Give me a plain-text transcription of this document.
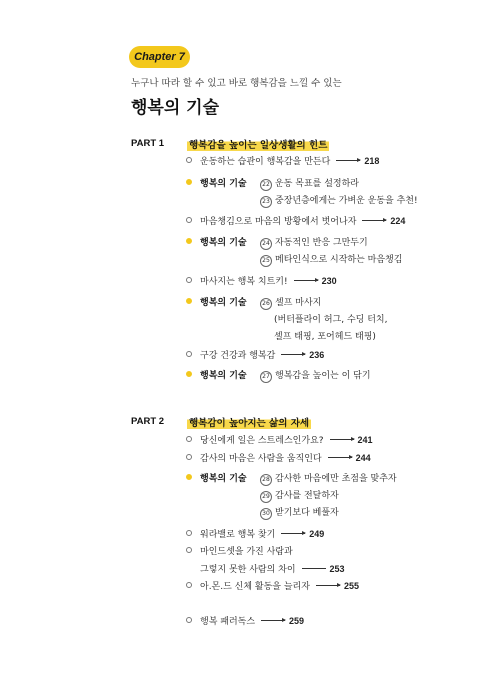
Chapter 7
누구나 따라 할 수 있고 바로 행복감을 느낄 수 있는
행복의 기술
PART 1	행복감을 높이는 일상생활의 힌트
운동하는 습관이 행복감을 만든다	218
행복의 기술	22 운동 목표를 설정하라
23 중장년층에게는 가벼운 운동을 추천!
마음챙김으로 마음의 방황에서 벗어나자	224
행복의 기술	24 자동적인 반응 그만두기
25 메타인식으로 시작하는 마음챙김
마사지는 행복 치트키!	230
행복의 기술	26 셀프 마사지
(버터플라이 허그, 수딩 터치,
셀프 태핑, 포어헤드 태핑)
구강 건강과 행복감	236
행복의 기술	27 행복감을 높이는 이 닦기
PART 2	행복감이 높아지는 삶의 자세
당신에게 일은 스트레스인가요?	241
감사의 마음은 사람을 움직인다	244
행복의 기술	28 감사한 마음에만 초점을 맞추자
29 감사를 전달하자
30 받기보다 베풀자
워라밸로 행복 찾기	249
마인드셋을 가진 사람과
그렇지 못한 사람의 차이	253
아.몬.드 신체 활동을 늘리자	255
행복 패러독스	259
